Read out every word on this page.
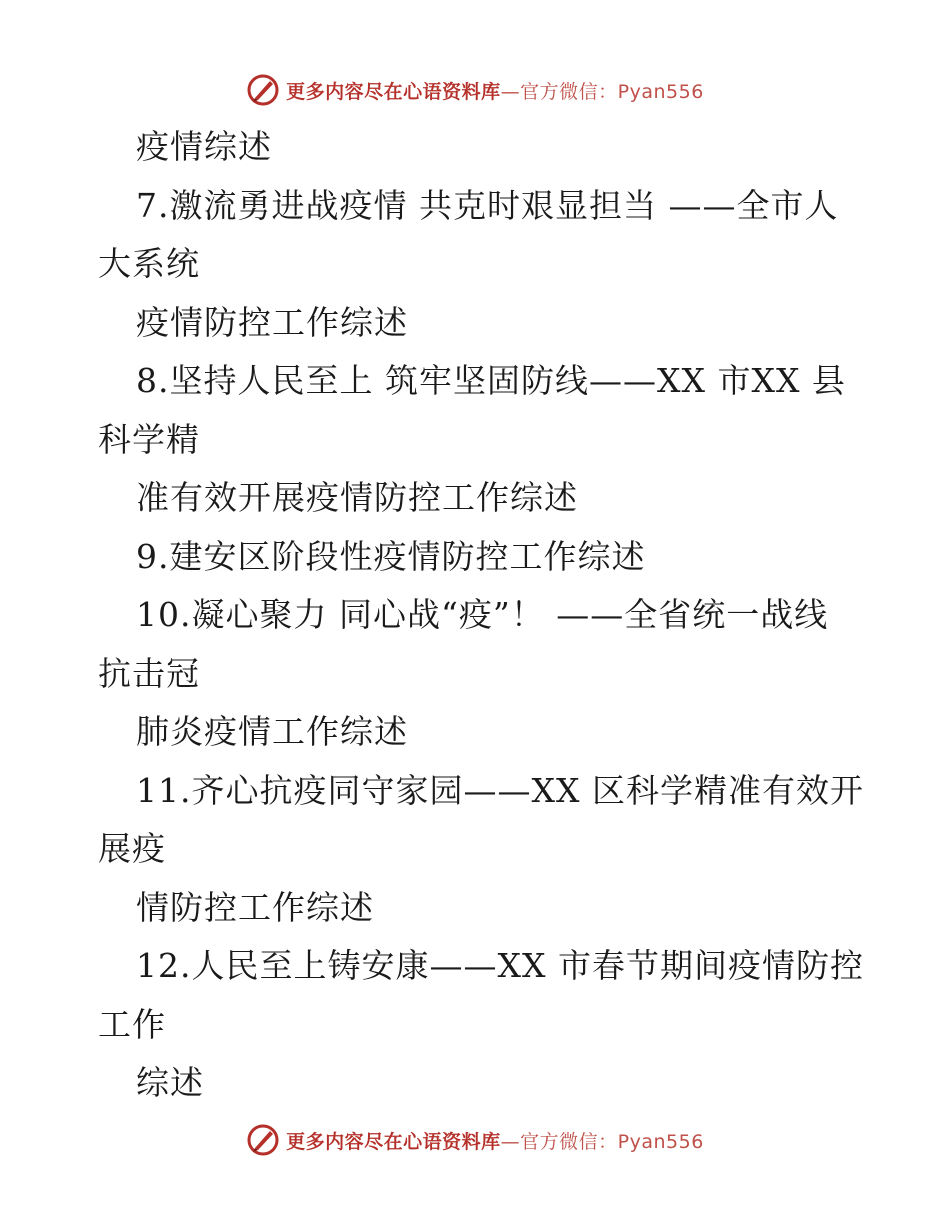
更多内容尽在心语资料库—官方微信：Pyan556
疫情综述
7.激流勇进战疫情 共克时艰显担当 ——全市人
大系统
疫情防控工作综述
8.坚持人民至上 筑牢坚固防线——XX 市XX 县
科学精
准有效开展疫情防控工作综述
9.建安区阶段性疫情防控工作综述
10.凝心聚力 同心战“疫”！ ——全省统一战线
抗击冠
肺炎疫情工作综述
11.齐心抗疫同守家园——XX 区科学精准有效开
展疫
情防控工作综述
12.人民至上铸安康——XX 市春节期间疫情防控
工作
综述
更多内容尽在心语资料库—官方微信：Pyan556
